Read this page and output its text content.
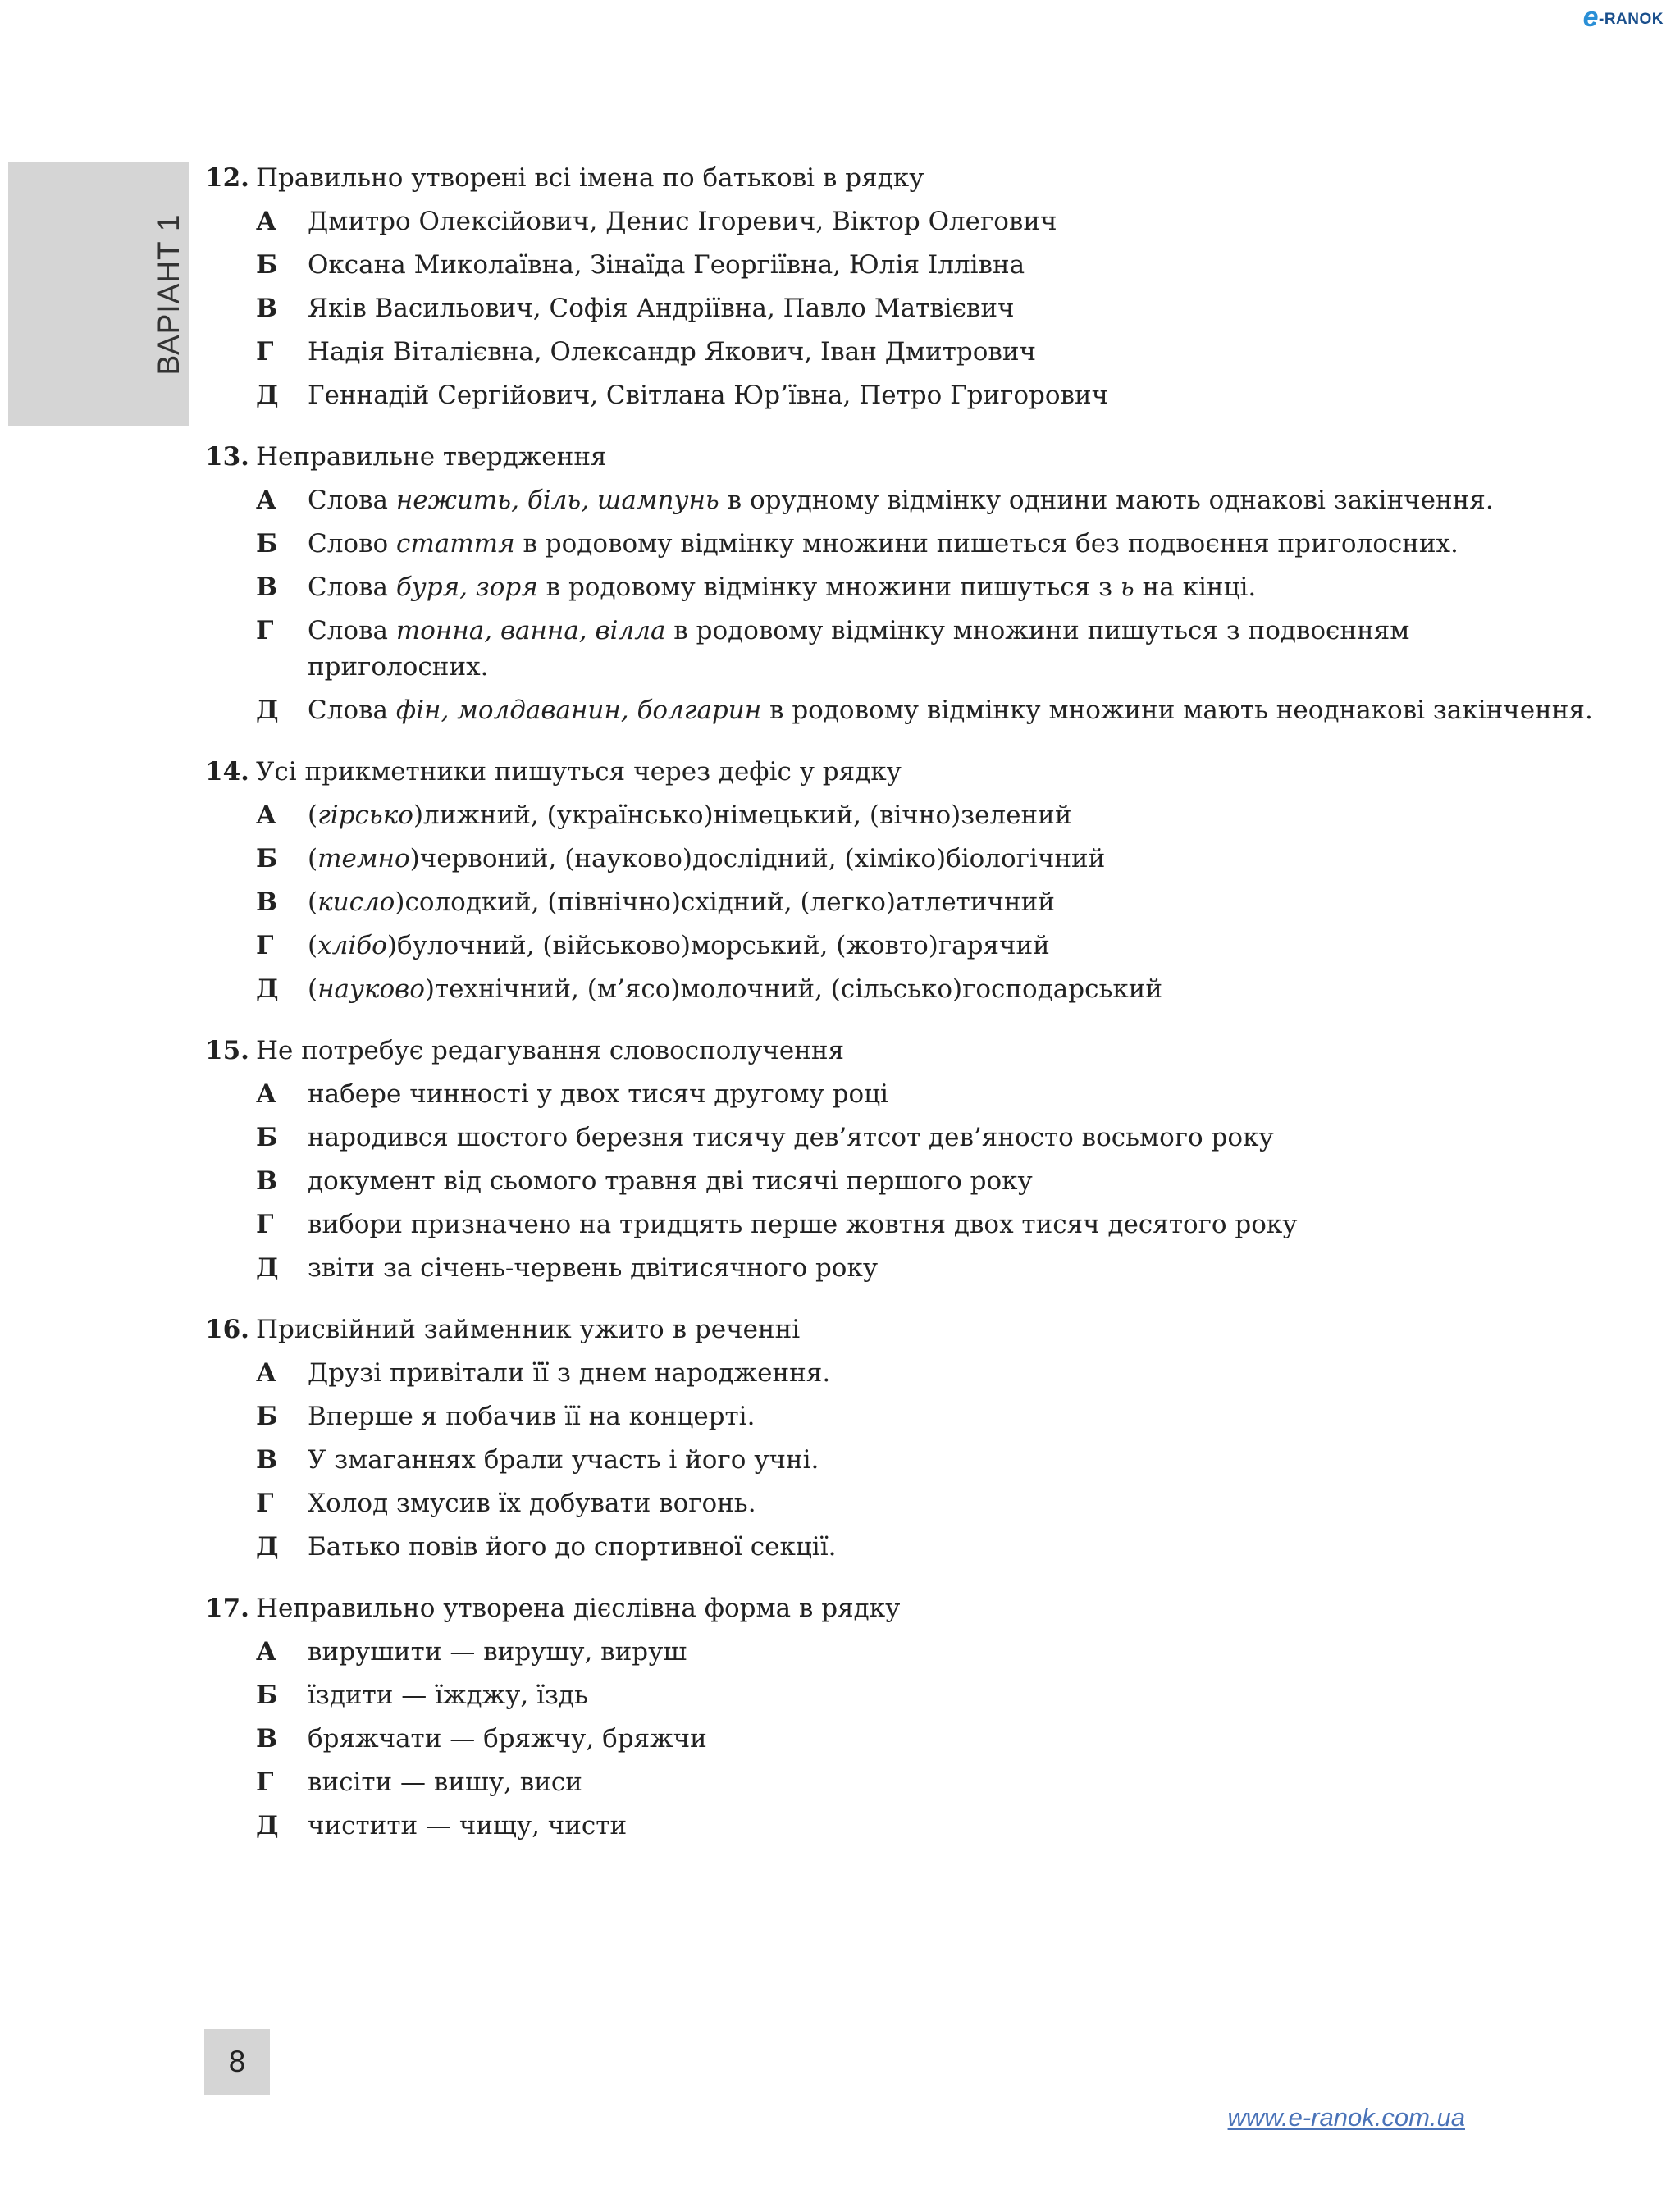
e-RANOK
ВАРІАНТ 1
12. Правильно утворені всі імена по батькові в рядку
А	Дмитро Олексійович, Денис Ігоревич, Віктор Олегович
Б	Оксана Миколаївна, Зінаїда Георгіївна, Юлія Іллівна
В	Яків Васильович, Софія Андріївна, Павло Матвієвич
Г	Надія Віталієвна, Олександр Якович, Іван Дмитрович
Д	Геннадій Сергійович, Світлана Юр’ївна, Петро Григорович
13. Неправильне твердження
А	Слова нежить, біль, шампунь в орудному відмінку однини мають однакові закінчення.
Б	Слово стаття в родовому відмінку множини пишеться без подвоєння приголосних.
В	Слова буря, зоря в родовому відмінку множини пишуться з ь на кінці.
Г	Слова тонна, ванна, вілла в родовому відмінку множини пишуться з подвоєнням приголосних.
Д	Слова фін, молдаванин, болгарин в родовому відмінку множини мають неоднакові закінчення.
14. Усі прикметники пишуться через дефіс у рядку
А	(гірсько)лижний, (українсько)німецький, (вічно)зелений
Б	(темно)червоний, (науково)дослідний, (хіміко)біологічний
В	(кисло)солодкий, (північно)східний, (легко)атлетичний
Г	(хлібо)булочний, (військово)морський, (жовто)гарячий
Д	(науково)технічний, (м’ясо)молочний, (сільсько)господарський
15. Не потребує редагування словосполучення
А	набере чинності у двох тисяч другому році
Б	народився шостого березня тисячу дев’ятсот дев’яносто восьмого року
В	документ від сьомого травня дві тисячі першого року
Г	вибори призначено на тридцять перше жовтня двох тисяч десятого року
Д	звіти за січень-червень двітисячного року
16. Присвійний займенник ужито в реченні
А	Друзі привітали її з днем народження.
Б	Вперше я побачив її на концерті.
В	У змаганнях брали участь і його учні.
Г	Холод змусив їх добувати вогонь.
Д	Батько повів його до спортивної секції.
17. Неправильно утворена дієслівна форма в рядку
А	вирушити — вирушу, вируш
Б	їздити — їжджу, їздь
В	бряжчати — бряжчу, бряжчи
Г	висіти — вишу, виси
Д	чистити — чищу, чисти
8
www.e-ranok.com.ua
